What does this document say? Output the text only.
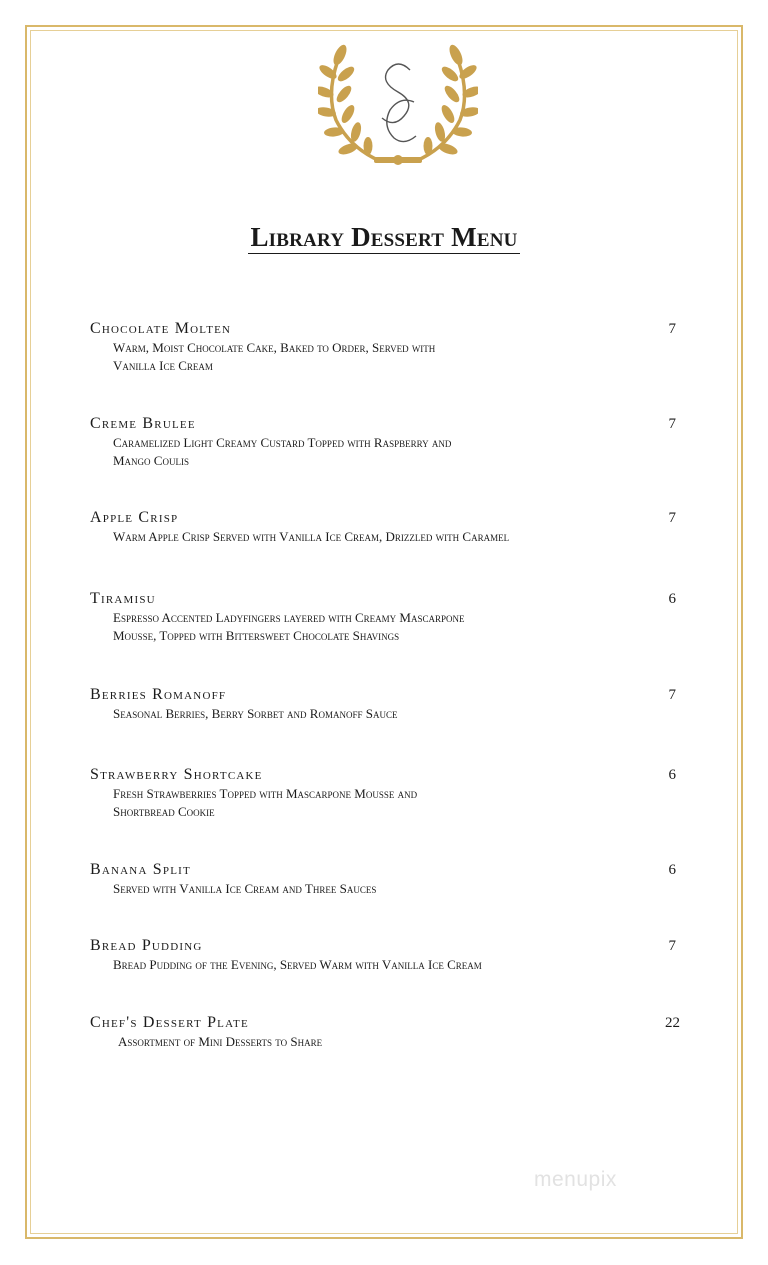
Library Dessert Menu
Chocolate Molten	7
Warm, Moist Chocolate Cake, Baked to Order, Served with
Vanilla Ice Cream
Creme Brulee	7
Caramelized Light Creamy Custard Topped with Raspberry and
Mango Coulis
Apple Crisp	7
Warm Apple Crisp Served with Vanilla Ice Cream, Drizzled with Caramel
Tiramisu	6
Espresso Accented Ladyfingers layered with Creamy Mascarpone
Mousse, Topped with Bittersweet Chocolate Shavings
Berries Romanoff	7
Seasonal Berries, Berry Sorbet and Romanoff Sauce
Strawberry Shortcake	6
Fresh Strawberries Topped with Mascarpone Mousse and
Shortbread Cookie
Banana Split	6
Served with Vanilla Ice Cream and Three Sauces
Bread Pudding	7
Bread Pudding of the Evening, Served Warm with Vanilla Ice Cream
Chef's Dessert Plate	22
Assortment of Mini Desserts to Share
menupix
